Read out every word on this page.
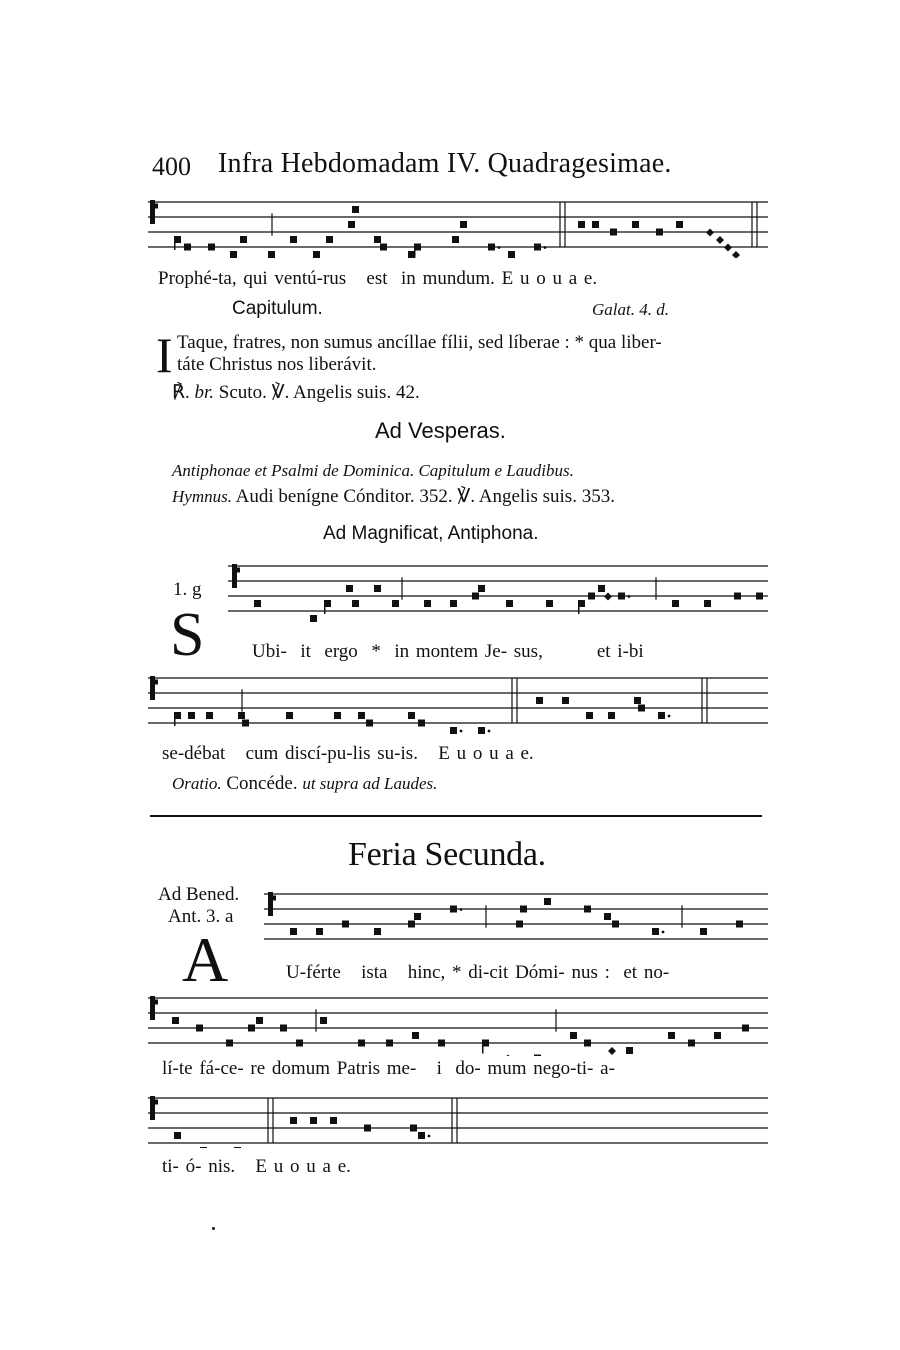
400 Infra Hebdomadam IV. Quadragesimae.
Prophé-ta, qui ventú-rus est in mundum. E u o u a e.
Capitulum.	Galat. 4. d.
I Taque, fratres, non sumus ancíllae fílii, sed líberae : * qua liber-
táte Christus nos liberávit.
℟. br. Scuto. ℣. Angelis suis. 42.
Ad Vesperas.
Antiphonae et Psalmi de Dominica. Capitulum e Laudibus.
Hymnus. Audi benígne Cónditor. 352. ℣. Angelis suis. 353.
Ad Magnificat, Antiphona.
1. g
S	Ubi- it ergo * in montem Je- sus,	et i-bi
se-débat cum discí-pu-lis su-is. E u o u a e.
Oratio. Concéde. ut supra ad Laudes.
Feria Secunda.
Ad Bened.
Ant. 3. a
A	U-férte ista hinc, * di-cit Dómi- nus : et no-
lí-te fá-ce- re domum Patris me- i do- mum nego-ti- a-
ti- ó- nis. E u o u a e.
